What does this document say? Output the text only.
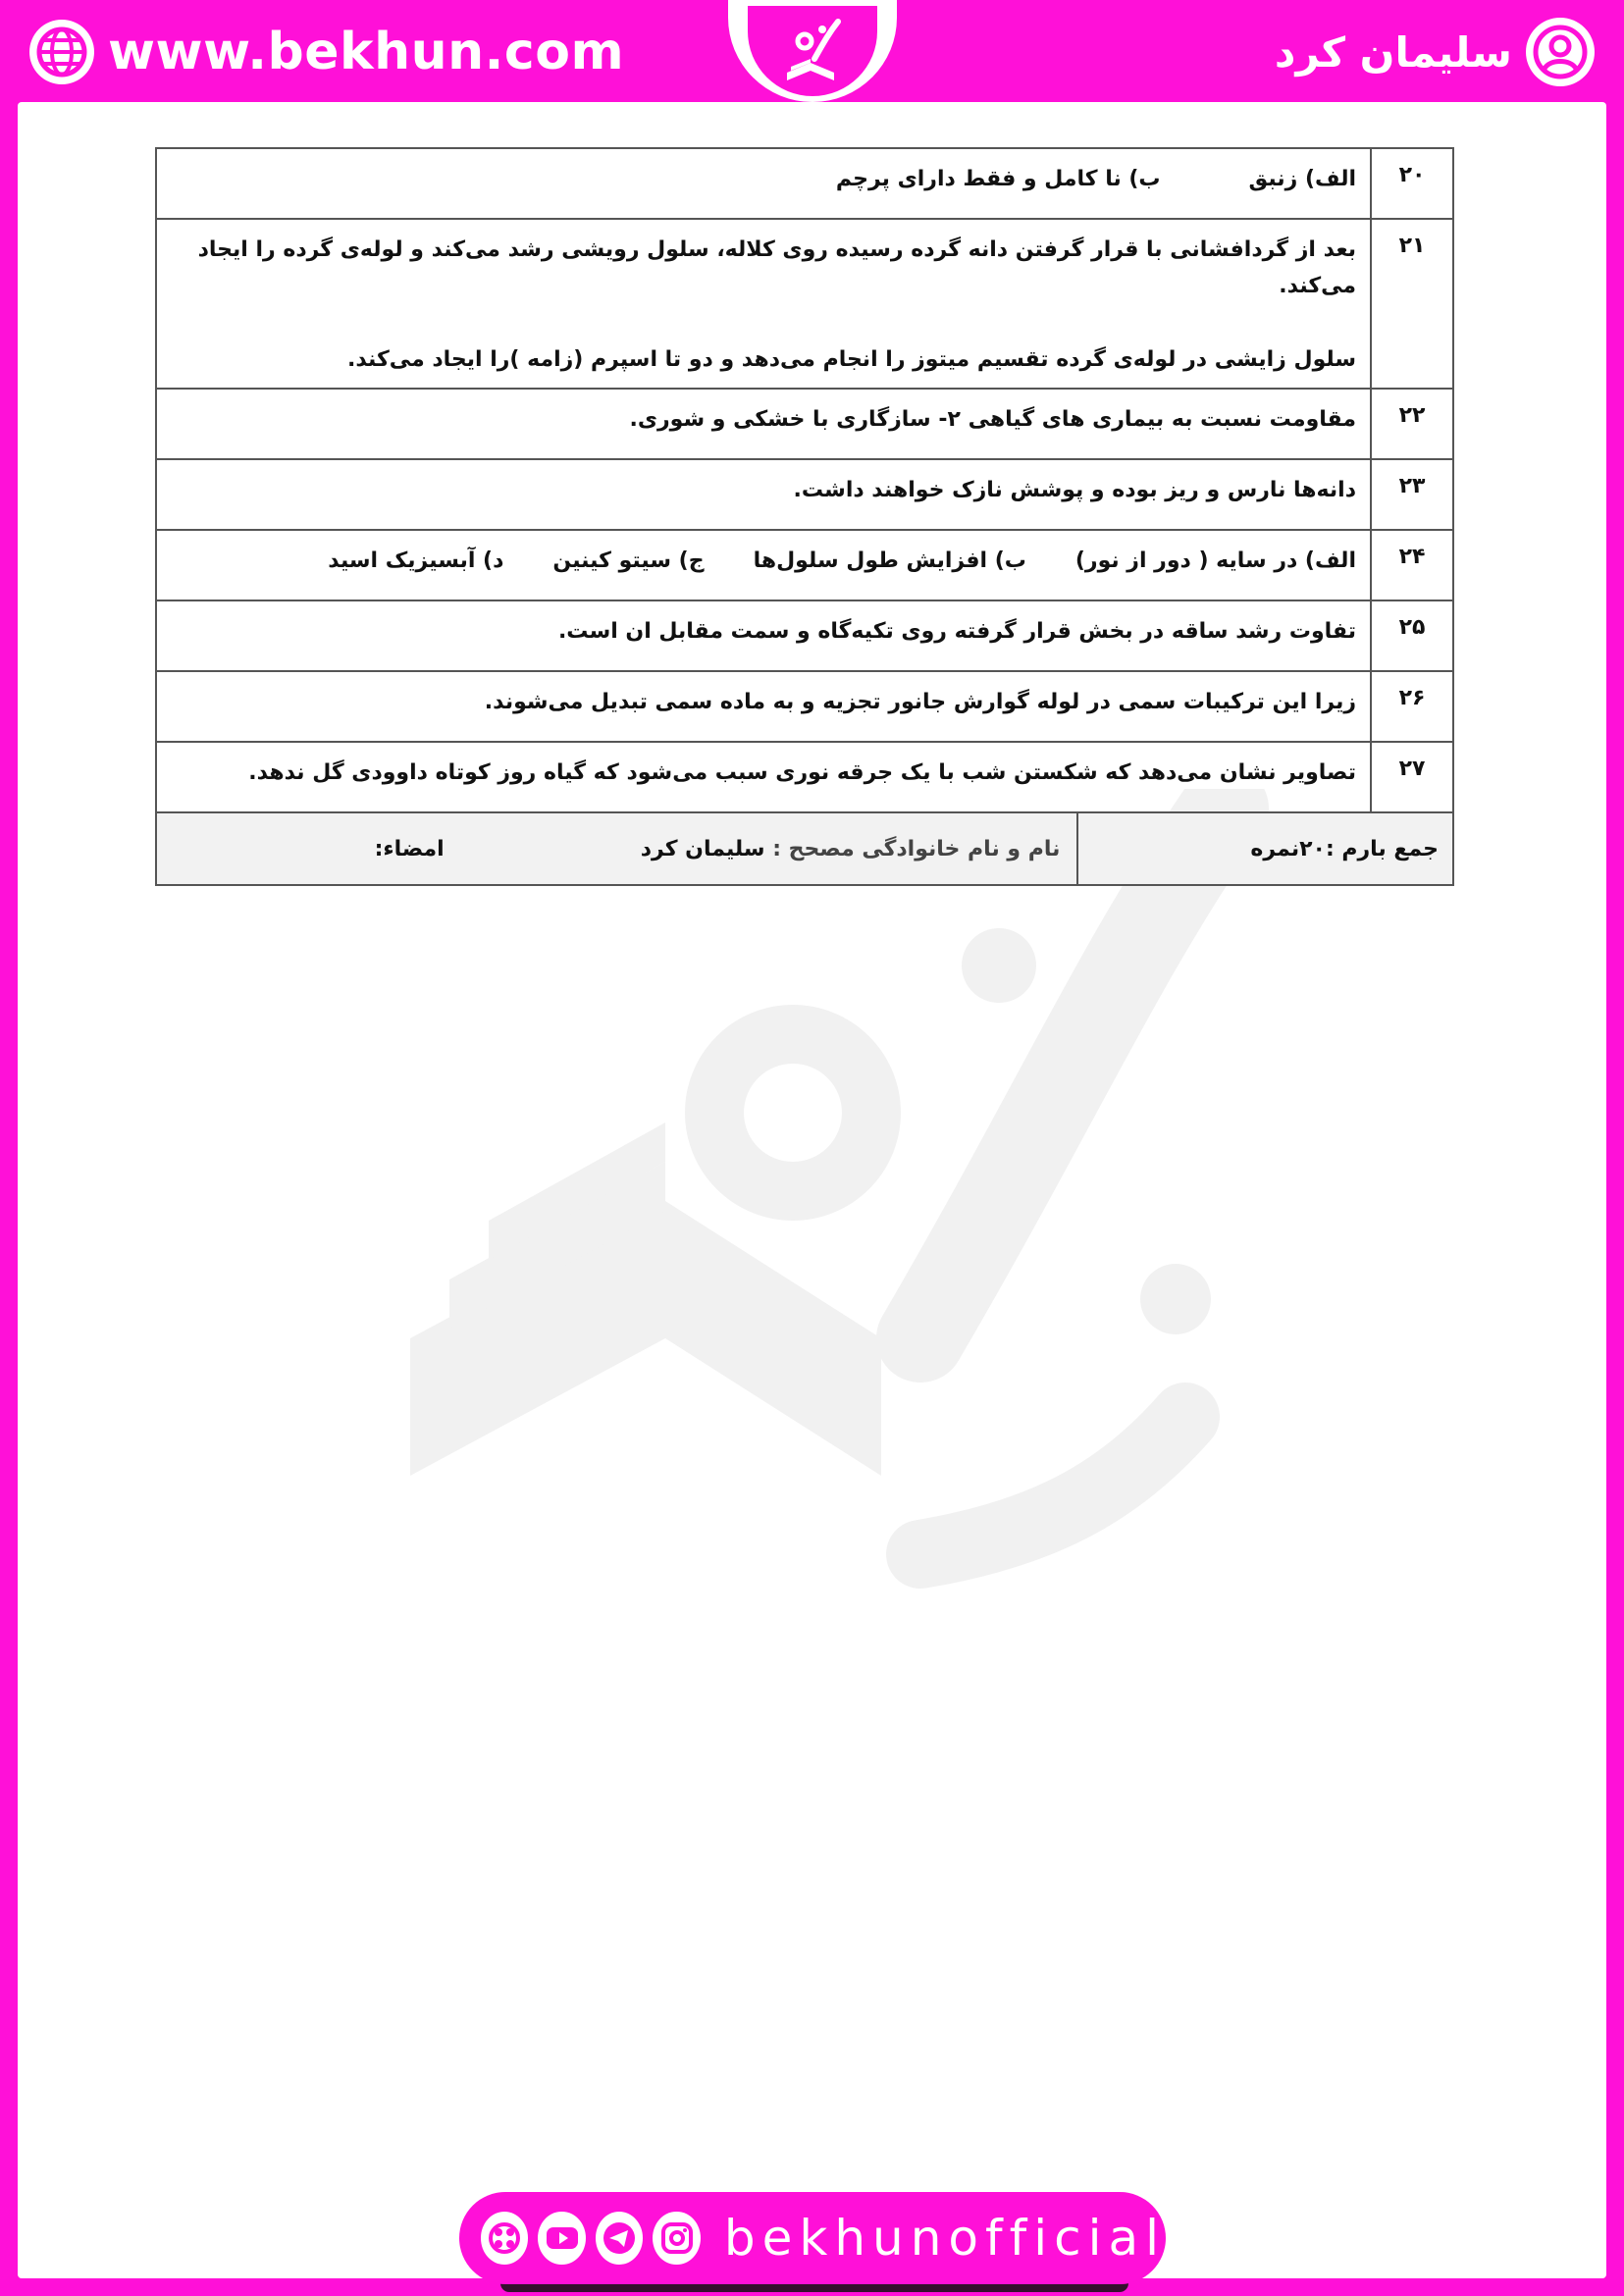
www.bekhun.com	سلیمان کرد
۲۰	الف) زنبق
ب) نا کامل و فقط دارای پرچم	

۲۱	بعد از گردافشانی با قرار گرفتن دانه گرده رسیده روی کلاله، سلول رویشی رشد می‌کند و لوله‌ی گرده را ایجاد می‌کند.
سلول زایشی در لوله‌ی گرده تقسیم میتوز را انجام می‌دهد و دو تا اسپرم (زامه )را ایجاد می‌کند.	

۲۲	مقاومت نسبت به بیماری های گیاهی ۲- سازگاری با خشکی و شوری.	
۲۳	دانه‌ها نارس و ریز بوده و پوشش نازک خواهند داشت.	
۲۴	الف) در سایه ( دور از نور)
ب) افزایش طول سلول‌ها
ج) سیتو کینین
د) آبسیزیک اسید	

۲۵	تفاوت رشد ساقه در بخش قرار گرفته روی تکیه‌گاه و سمت مقابل ان است.	
۲۶	زیرا این ترکیبات سمی در لوله گوارش جانور تجزیه و به ماده سمی تبدیل می‌شوند.	
۲۷	تصاویر نشان می‌دهد که شکستن شب با یک جرقه نوری سبب می‌شود که گیاه روز کوتاه داوودی گل ندهد.	
جمع بارم :۲۰نمره		نام و نام خانوادگی مصحح : سلیمان کرد
امضاء:
bekhunofficial
